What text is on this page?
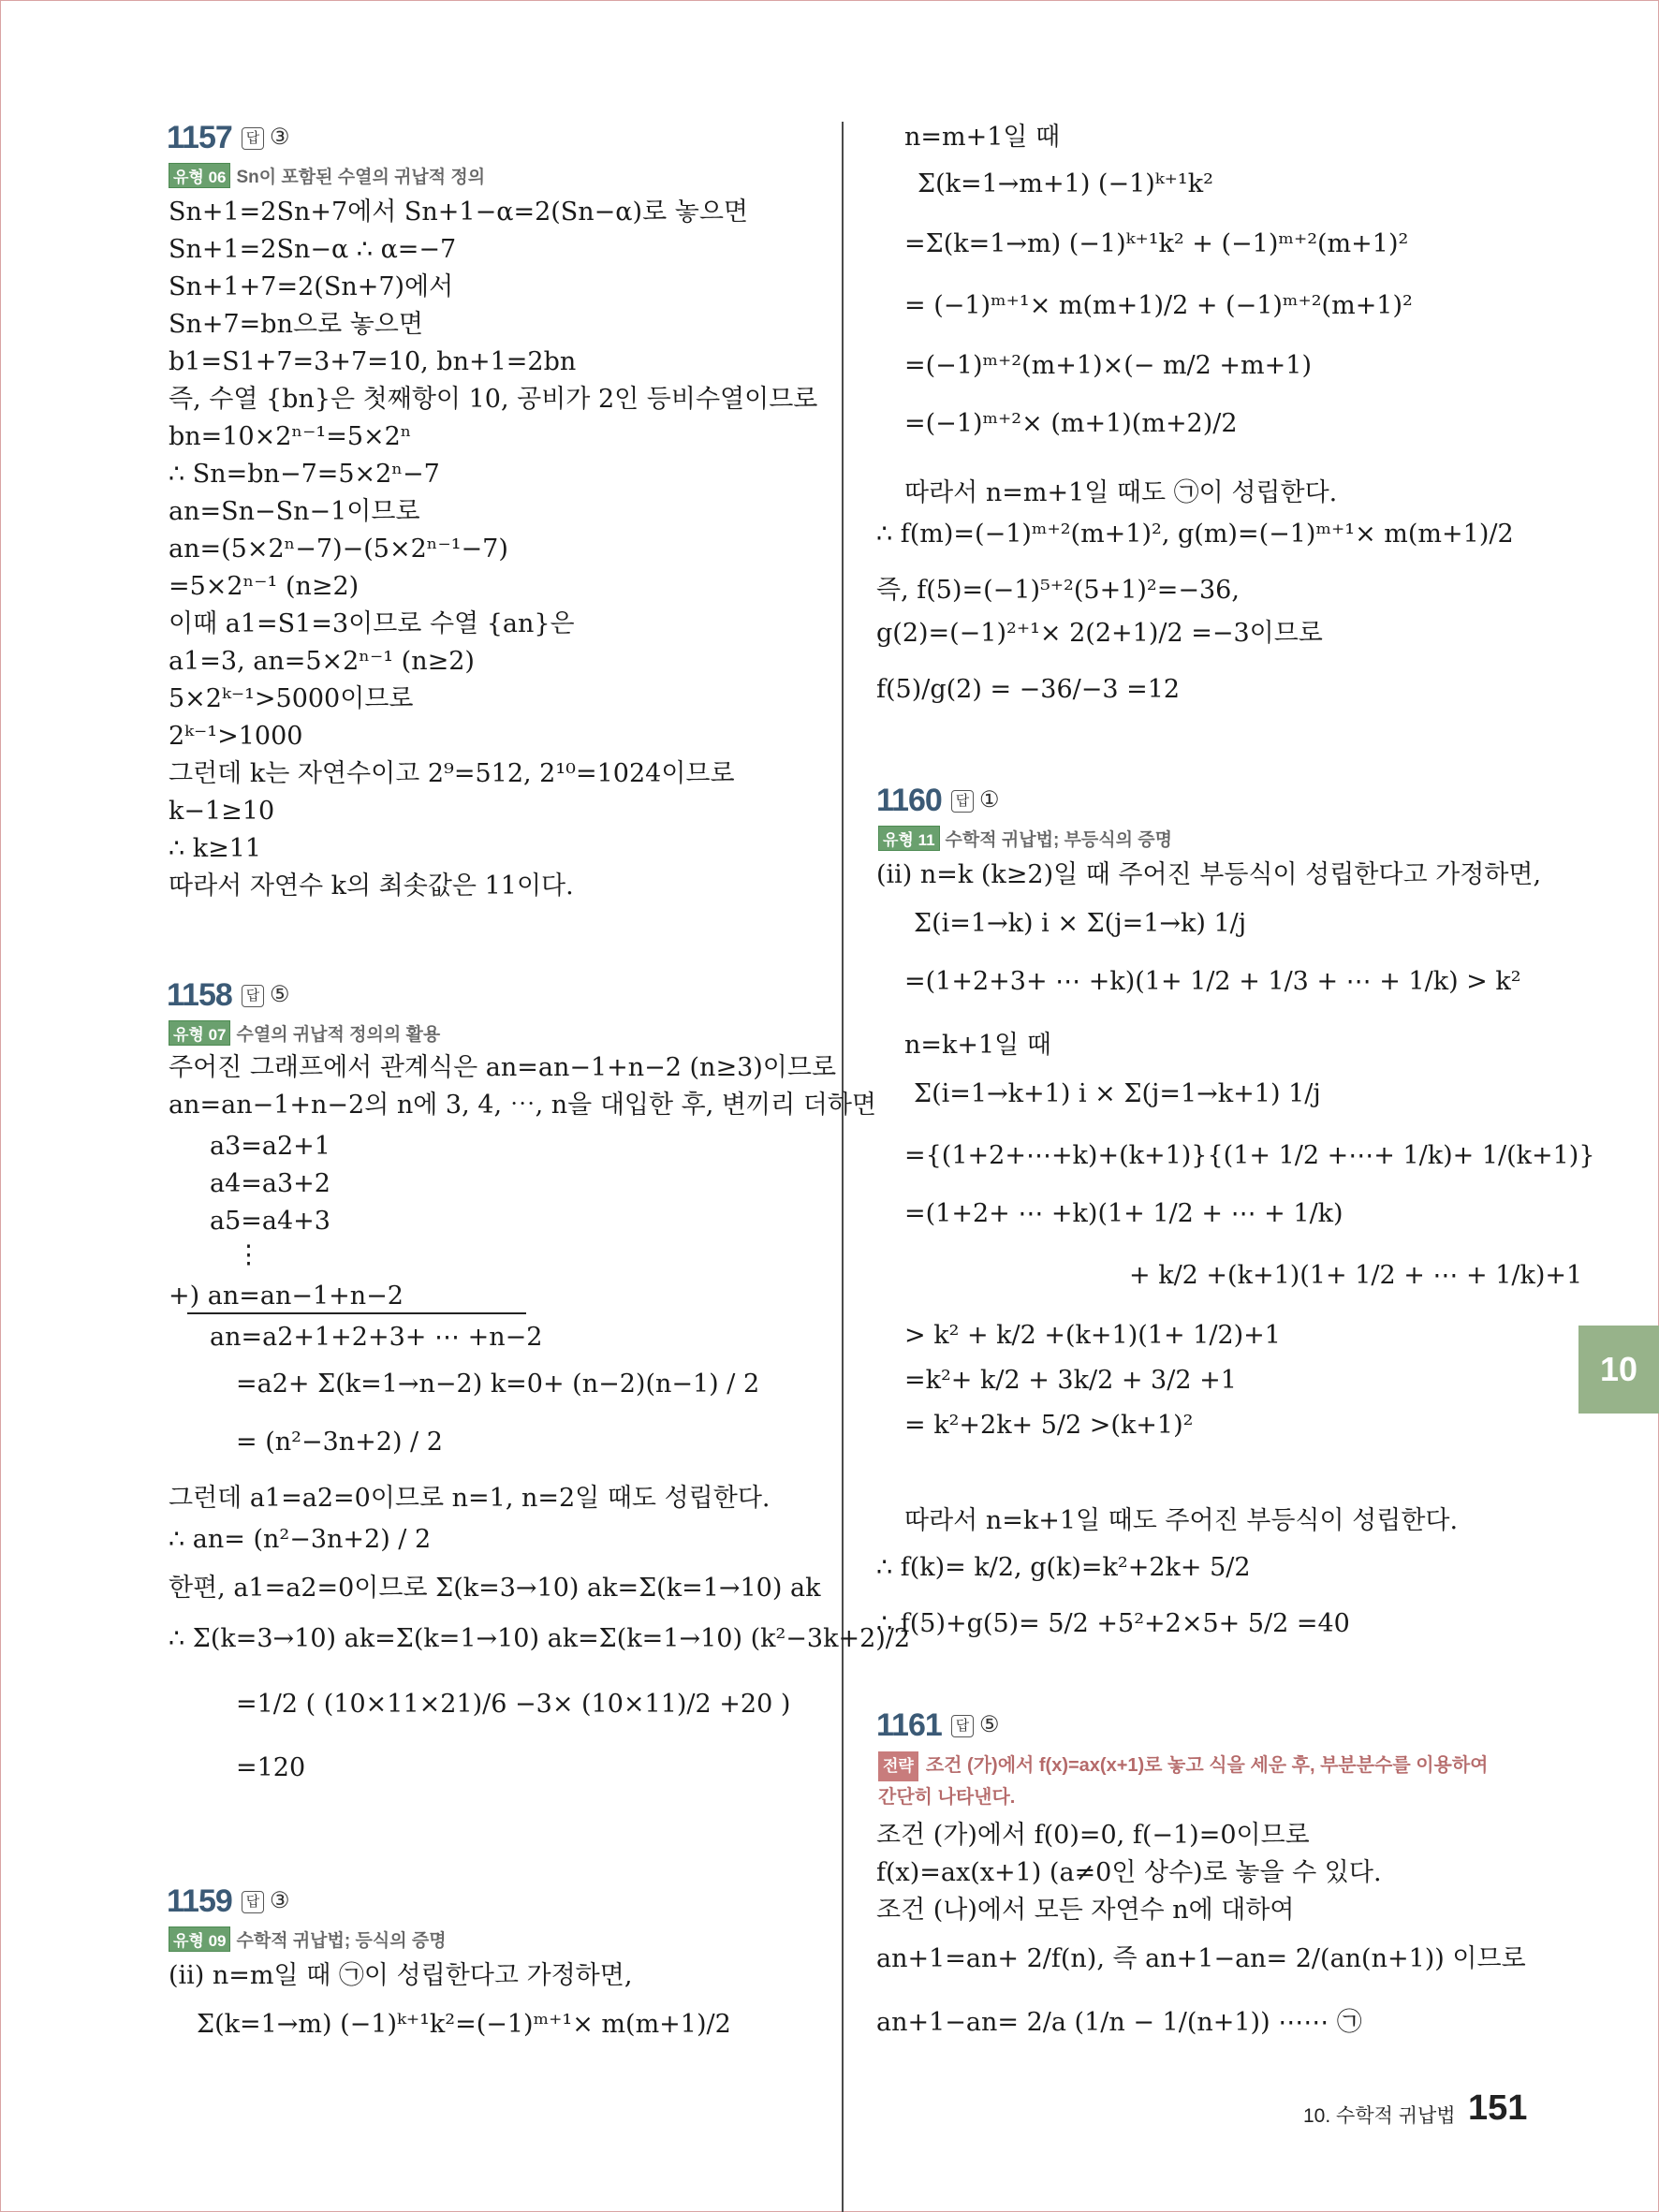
1157 답 ③
유형 06 Sn이 포함된 수열의 귀납적 정의
Sn+1=2Sn+7에서 Sn+1−α=2(Sn−α)로 놓으면
Sn+1=2Sn−α ∴ α=−7
Sn+1+7=2(Sn+7)에서
Sn+7=bn으로 놓으면
b1=S1+7=3+7=10, bn+1=2bn
즉, 수열 {bn}은 첫째항이 10, 공비가 2인 등비수열이므로
bn=10×2ⁿ⁻¹=5×2ⁿ
∴ Sn=bn−7=5×2ⁿ−7
an=Sn−Sn−1이므로
an=(5×2ⁿ−7)−(5×2ⁿ⁻¹−7)
=5×2ⁿ⁻¹ (n≥2)
이때 a1=S1=3이므로 수열 {an}은
a1=3, an=5×2ⁿ⁻¹ (n≥2)
5×2ᵏ⁻¹>5000이므로
2ᵏ⁻¹>1000
그런데 k는 자연수이고 2⁹=512, 2¹⁰=1024이므로
k−1≥10
∴ k≥11
따라서 자연수 k의 최솟값은 11이다.
1158 답 ⑤
유형 07 수열의 귀납적 정의의 활용
주어진 그래프에서 관계식은 an=an−1+n−2 (n≥3)이므로
an=an−1+n−2의 n에 3, 4, ⋯, n을 대입한 후, 변끼리 더하면
a3=a2+1
a4=a3+2
a5=a4+3
⋮
+) an=an−1+n−2
an=a2+1+2+3+ ⋯ +n−2
=a2+ Σ(k=1→n−2) k=0+ (n−2)(n−1) / 2
= (n²−3n+2) / 2
그런데 a1=a2=0이므로 n=1, n=2일 때도 성립한다.
∴ an= (n²−3n+2) / 2
한편, a1=a2=0이므로 Σ(k=3→10) ak=Σ(k=1→10) ak
∴ Σ(k=3→10) ak=Σ(k=1→10) ak=Σ(k=1→10) (k²−3k+2)/2
=1/2 ( (10×11×21)/6 −3× (10×11)/2 +20 )
=120
1159 답 ③
유형 09 수학적 귀납법; 등식의 증명
(ii) n=m일 때 ㉠이 성립한다고 가정하면,
Σ(k=1→m) (−1)ᵏ⁺¹k²=(−1)ᵐ⁺¹× m(m+1)/2
n=m+1일 때
Σ(k=1→m+1) (−1)ᵏ⁺¹k²
=Σ(k=1→m) (−1)ᵏ⁺¹k² + (−1)ᵐ⁺²(m+1)²
= (−1)ᵐ⁺¹× m(m+1)/2 + (−1)ᵐ⁺²(m+1)²
=(−1)ᵐ⁺²(m+1)×(− m/2 +m+1)
=(−1)ᵐ⁺²× (m+1)(m+2)/2
따라서 n=m+1일 때도 ㉠이 성립한다.
∴ f(m)=(−1)ᵐ⁺²(m+1)², g(m)=(−1)ᵐ⁺¹× m(m+1)/2
즉, f(5)=(−1)⁵⁺²(5+1)²=−36,
g(2)=(−1)²⁺¹× 2(2+1)/2 =−3이므로
f(5)/g(2) = −36/−3 =12
1160 답 ①
유형 11 수학적 귀납법; 부등식의 증명
(ii) n=k (k≥2)일 때 주어진 부등식이 성립한다고 가정하면,
Σ(i=1→k) i × Σ(j=1→k) 1/j
=(1+2+3+ ⋯ +k)(1+ 1/2 + 1/3 + ⋯ + 1/k) > k²
n=k+1일 때
Σ(i=1→k+1) i × Σ(j=1→k+1) 1/j
={(1+2+⋯+k)+(k+1)}{(1+ 1/2 +⋯+ 1/k)+ 1/(k+1)}
=(1+2+ ⋯ +k)(1+ 1/2 + ⋯ + 1/k)
+ k/2 +(k+1)(1+ 1/2 + ⋯ + 1/k)+1
> k² + k/2 +(k+1)(1+ 1/2)+1
=k²+ k/2 + 3k/2 + 3/2 +1
= k²+2k+ 5/2 >(k+1)²
따라서 n=k+1일 때도 주어진 부등식이 성립한다.
∴ f(k)= k/2, g(k)=k²+2k+ 5/2
∴ f(5)+g(5)= 5/2 +5²+2×5+ 5/2 =40
1161 답 ⑤
전략 조건 (가)에서 f(x)=ax(x+1)로 놓고 식을 세운 후, 부분분수를 이용하여
간단히 나타낸다.
조건 (가)에서 f(0)=0, f(−1)=0이므로
f(x)=ax(x+1) (a≠0인 상수)로 놓을 수 있다.
조건 (나)에서 모든 자연수 n에 대하여
an+1=an+ 2/f(n), 즉 an+1−an= 2/(an(n+1)) 이므로
an+1−an= 2/a (1/n − 1/(n+1)) ⋯⋯ ㉠
10
10. 수학적 귀납법 151
